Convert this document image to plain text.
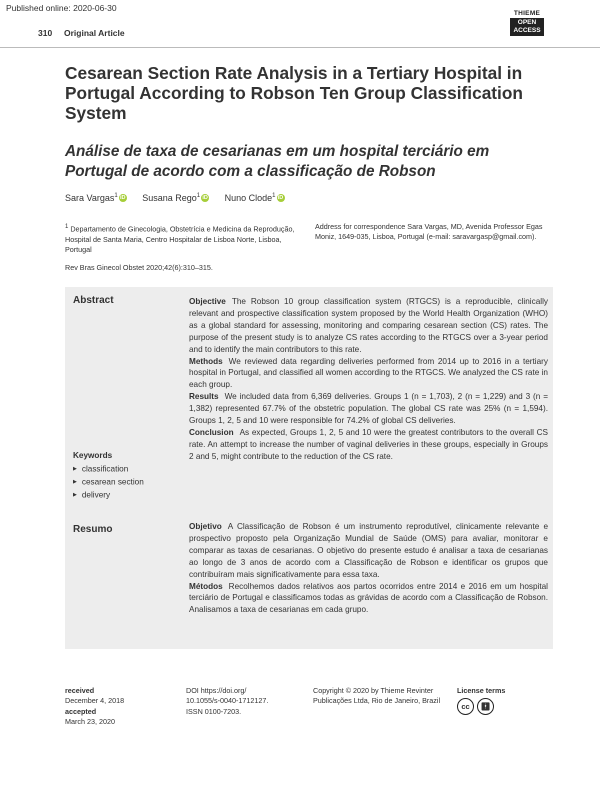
Published online: 2020-06-30
310 Original Article
THIEME
OPEN
ACCESS
Cesarean Section Rate Analysis in a Tertiary Hospital in Portugal According to Robson Ten Group Classification System
Análise de taxa de cesarianas em um hospital terciário em Portugal de acordo com a classificação de Robson
Sara Vargas$^1$ iD Susana Rego$^1$ iD Nuno Clode$^1$ iD
$^1$ Departamento de Ginecologia, Obstetrícia e Medicina da Reprodução, Hospital de Santa Maria, Centro Hospitalar de Lisboa Norte, Lisboa, Portugal
Address for correspondence Sara Vargas, MD, Avenida Professor Egas Moniz, 1649-035, Lisboa, Portugal (e-mail: saravargasp@gmail.com).
Rev Bras Ginecol Obstet 2020;42(6):310–315.
Abstract	Objective The Robson 10 group classification system (RTGCS) is a reproducible, clinically relevant and prospective classification system proposed by the World Health Organization (WHO) as a global standard for assessing, monitoring and comparing cesarean section (CS) rates. The purpose of the present study is to analyze CS rates according to the RTGCS over a 3-year period and to identify the main contributors to this rate.
Methods We reviewed data regarding deliveries performed from 2014 up to 2016 in a tertiary hospital in Portugal, and classified all women according to the RTGCS. We analyzed the CS rate in each group.
Results We included data from 6,369 deliveries. Groups 1 (n = 1,703), 2 (n = 1,229) and 3 (n = 1,382) represented 67.7% of the obstetric population. The global CS rate was 25% (n = 1,594). Groups 1, 2, 5 and 10 were responsible for 74.2% of global CS deliveries.
Conclusion As expected, Groups 1, 2, 5 and 10 were the greatest contributors to the overall CS rate. An attempt to increase the number of vaginal deliveries in these groups, especially in Groups 2 and 5, might contribute to the reduction of the CS rate.
Keywords
▶ classification
▶ cesarean section
▶ delivery
Resumo	Objetivo A Classificação de Robson é um instrumento reprodutível, clinicamente relevante e prospectivo proposto pela Organização Mundial de Saúde (OMS) para avaliar, monitorar e comparar as taxas de cesarianas. O objetivo do presente estudo é analisar a taxa de cesarianas ao longo de 3 anos de acordo com a Classificação de Robson e identificar os grupos que contribuíram mais significativamente para essa taxa.
Métodos Recolhemos dados relativos aos partos ocorridos entre 2014 e 2016 em um hospital terciário de Portugal e classificamos todas as grávidas de acordo com a Classificação de Robson. Analisamos a taxa de cesarianas em cada grupo.
received
December 4, 2018
accepted
March 23, 2020
DOI https://doi.org/
10.1055/s-0040-1712127.
ISSN 0100-7203.
Copyright © 2020 by Thieme Revinter
Publicações Ltda, Rio de Janeiro, Brazil
License terms
cc 🚹︎
